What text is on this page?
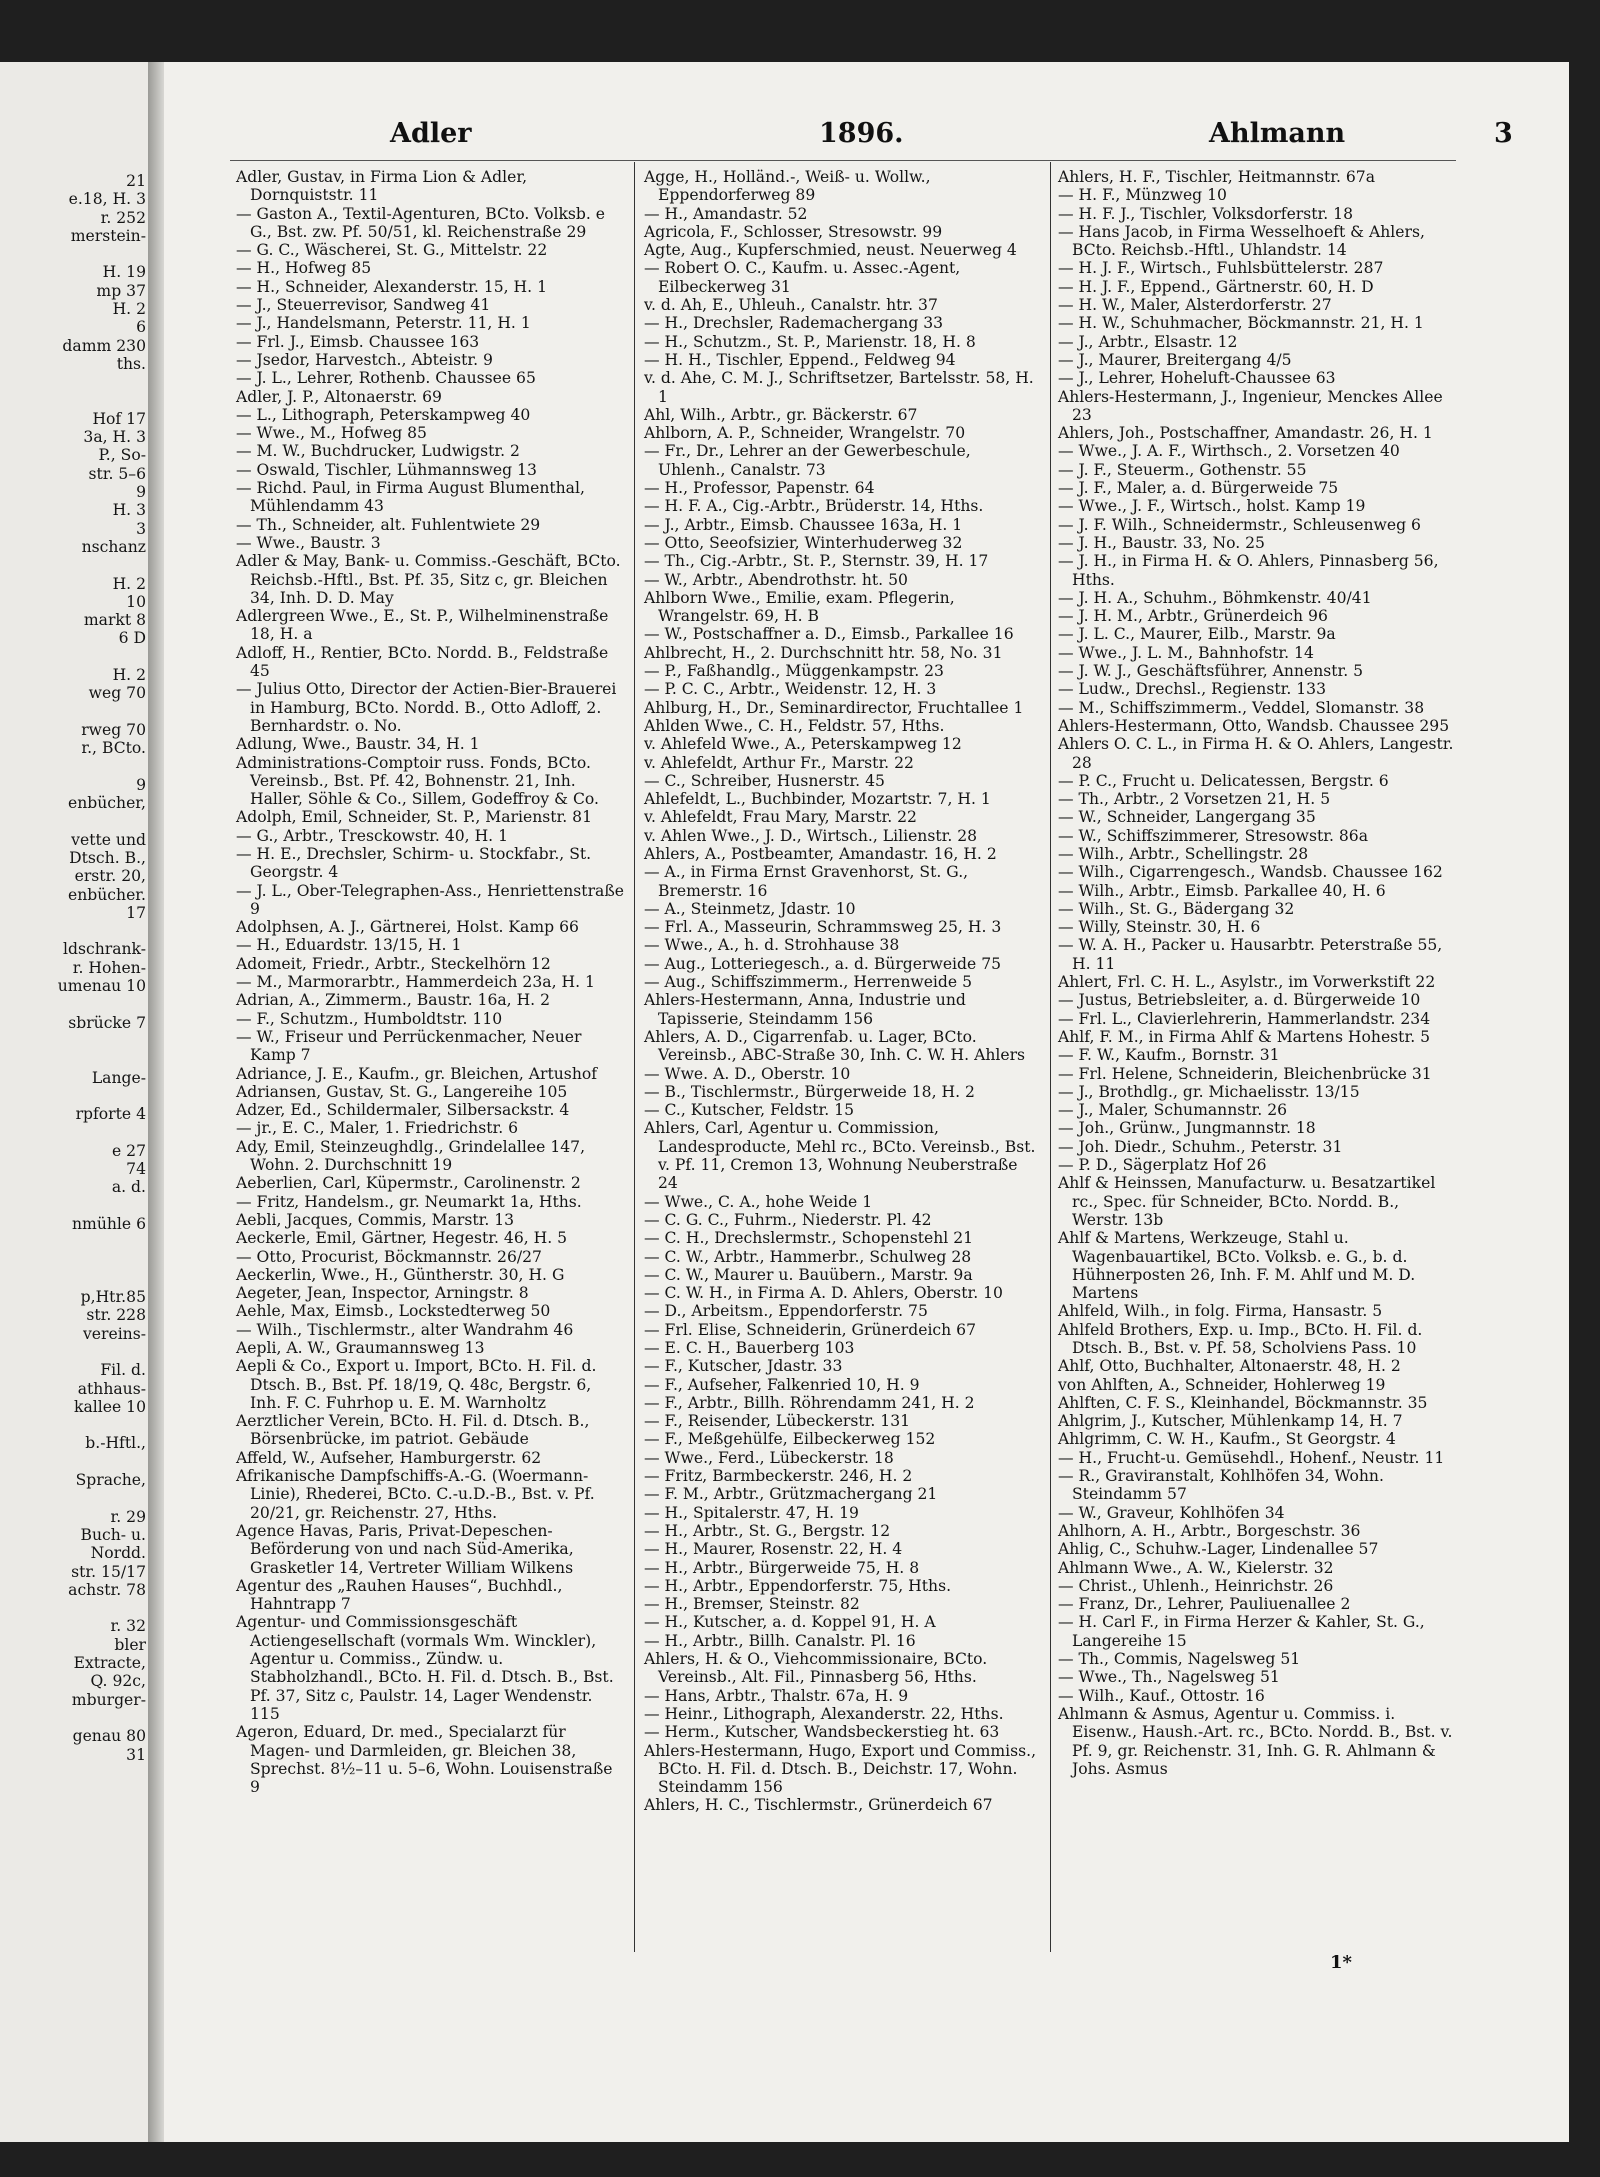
21
e.18, H. 3
r. 252
merstein-

H. 19
mp 37
H. 2
6
damm 230
ths.

Hof 17
3a, H. 3
P., So-
str. 5–6
9
H. 3
3
nschanz

H. 2
10
markt 8
6 D

H. 2
weg 70

rweg 70
r., BCto.

9
enbücher,

vette und
Dtsch. B.,
erstr. 20,
enbücher.
17

ldschrank-
r. Hohen-
umenau 10

sbrücke 7

Lange-

rpforte 4

e 27
74
a. d.

nmühle 6

p,Htr.85
str. 228
vereins-

Fil. d.
athhaus-
kallee 10

b.-Hftl.,

Sprache,

r. 29
Buch- u.
Nordd.
str. 15/17
achstr. 78

r. 32
bler
Extracte,
Q. 92c,
mburger-

genau 80
31
Adler	1896.	Ahlmann	3
Adler, Gustav, in Firma Lion & Adler, Dornquiststr. 11
— Gaston A., Textil-Agenturen, BCto. Volksb. e G., Bst. zw. Pf. 50/51, kl. Reichenstraße 29
— G. C., Wäscherei, St. G., Mittelstr. 22
— H., Hofweg 85
— H., Schneider, Alexanderstr. 15, H. 1
— J., Steuerrevisor, Sandweg 41
— J., Handelsmann, Peterstr. 11, H. 1
— Frl. J., Eimsb. Chaussee 163
— Jsedor, Harvestch., Abteistr. 9
— J. L., Lehrer, Rothenb. Chaussee 65
Adler, J. P., Altonaerstr. 69
— L., Lithograph, Peterskampweg 40
— Wwe., M., Hofweg 85
— M. W., Buchdrucker, Ludwigstr. 2
— Oswald, Tischler, Lühmannsweg 13
— Richd. Paul, in Firma August Blumenthal, Mühlendamm 43
— Th., Schneider, alt. Fuhlentwiete 29
— Wwe., Baustr. 3
Adler & May, Bank- u. Commiss.-Geschäft, BCto. Reichsb.-Hftl., Bst. Pf. 35, Sitz c, gr. Bleichen 34, Inh. D. D. May
Adlergreen Wwe., E., St. P., Wilhelminenstraße 18, H. a
Adloff, H., Rentier, BCto. Nordd. B., Feldstraße 45
— Julius Otto, Director der Actien-Bier-Brauerei in Hamburg, BCto. Nordd. B., Otto Adloff, 2. Bernhardstr. o. No.
Adlung, Wwe., Baustr. 34, H. 1
Administrations-Comptoir russ. Fonds, BCto. Vereinsb., Bst. Pf. 42, Bohnenstr. 21, Inh. Haller, Söhle & Co., Sillem, Godeffroy & Co.
Adolph, Emil, Schneider, St. P., Marienstr. 81
— G., Arbtr., Tresckowstr. 40, H. 1
— H. E., Drechsler, Schirm- u. Stockfabr., St. Georgstr. 4
— J. L., Ober-Telegraphen-Ass., Henriettenstraße 9
Adolphsen, A. J., Gärtnerei, Holst. Kamp 66
— H., Eduardstr. 13/15, H. 1
Adomeit, Friedr., Arbtr., Steckelhörn 12
— M., Marmorarbtr., Hammerdeich 23a, H. 1
Adrian, A., Zimmerm., Baustr. 16a, H. 2
— F., Schutzm., Humboldtstr. 110
— W., Friseur und Perrückenmacher, Neuer Kamp 7
Adriance, J. E., Kaufm., gr. Bleichen, Artushof
Adriansen, Gustav, St. G., Langereihe 105
Adzer, Ed., Schildermaler, Silbersackstr. 4
— jr., E. C., Maler, 1. Friedrichstr. 6
Ady, Emil, Steinzeughdlg., Grindelallee 147, Wohn. 2. Durchschnitt 19
Aeberlien, Carl, Küpermstr., Carolinenstr. 2
— Fritz, Handelsm., gr. Neumarkt 1a, Hths.
Aebli, Jacques, Commis, Marstr. 13
Aeckerle, Emil, Gärtner, Hegestr. 46, H. 5
— Otto, Procurist, Böckmannstr. 26/27
Aeckerlin, Wwe., H., Güntherstr. 30, H. G
Aegeter, Jean, Inspector, Arningstr. 8
Aehle, Max, Eimsb., Lockstedterweg 50
— Wilh., Tischlermstr., alter Wandrahm 46
Aepli, A. W., Graumannsweg 13
Aepli & Co., Export u. Import, BCto. H. Fil. d. Dtsch. B., Bst. Pf. 18/19, Q. 48c, Bergstr. 6, Inh. F. C. Fuhrhop u. E. M. Warnholtz
Aerztlicher Verein, BCto. H. Fil. d. Dtsch. B., Börsenbrücke, im patriot. Gebäude
Affeld, W., Aufseher, Hamburgerstr. 62
Afrikanische Dampfschiffs-A.-G. (Woermann-Linie), Rhederei, BCto. C.-u.D.-B., Bst. v. Pf. 20/21, gr. Reichenstr. 27, Hths.
Agence Havas, Paris, Privat-Depeschen-Beförderung von und nach Süd-Amerika, Grasketler 14, Vertreter William Wilkens
Agentur des „Rauhen Hauses“, Buchhdl., Hahntrapp 7
Agentur- und Commissionsgeschäft Actiengesellschaft (vormals Wm. Winckler), Agentur u. Commiss., Zündw. u. Stabholzhandl., BCto. H. Fil. d. Dtsch. B., Bst. Pf. 37, Sitz c, Paulstr. 14, Lager Wendenstr. 115
Ageron, Eduard, Dr. med., Specialarzt für Magen- und Darmleiden, gr. Bleichen 38, Sprechst. 8½–11 u. 5–6, Wohn. Louisenstraße 9
Agge, H., Holländ.-, Weiß- u. Wollw., Eppendorferweg 89
— H., Amandastr. 52
Agricola, F., Schlosser, Stresowstr. 99
Agte, Aug., Kupferschmied, neust. Neuerweg 4
— Robert O. C., Kaufm. u. Assec.-Agent, Eilbeckerweg 31
v. d. Ah, E., Uhleuh., Canalstr. htr. 37
— H., Drechsler, Rademachergang 33
— H., Schutzm., St. P., Marienstr. 18, H. 8
— H. H., Tischler, Eppend., Feldweg 94
v. d. Ahe, C. M. J., Schriftsetzer, Bartelsstr. 58, H. 1
Ahl, Wilh., Arbtr., gr. Bäckerstr. 67
Ahlborn, A. P., Schneider, Wrangelstr. 70
— Fr., Dr., Lehrer an der Gewerbeschule, Uhlenh., Canalstr. 73
— H., Professor, Papenstr. 64
— H. F. A., Cig.-Arbtr., Brüderstr. 14, Hths.
— J., Arbtr., Eimsb. Chaussee 163a, H. 1
— Otto, Seeofsizier, Winterhuderweg 32
— Th., Cig.-Arbtr., St. P., Sternstr. 39, H. 17
— W., Arbtr., Abendrothstr. ht. 50
Ahlborn Wwe., Emilie, exam. Pflegerin, Wrangelstr. 69, H. B
— W., Postschaffner a. D., Eimsb., Parkallee 16
Ahlbrecht, H., 2. Durchschnitt htr. 58, No. 31
— P., Faßhandlg., Müggenkampstr. 23
— P. C. C., Arbtr., Weidenstr. 12, H. 3
Ahlburg, H., Dr., Seminardirector, Fruchtallee 1
Ahlden Wwe., C. H., Feldstr. 57, Hths.
v. Ahlefeld Wwe., A., Peterskampweg 12
v. Ahlefeldt, Arthur Fr., Marstr. 22
— C., Schreiber, Husnerstr. 45
Ahlefeldt, L., Buchbinder, Mozartstr. 7, H. 1
v. Ahlefeldt, Frau Mary, Marstr. 22
v. Ahlen Wwe., J. D., Wirtsch., Lilienstr. 28
Ahlers, A., Postbeamter, Amandastr. 16, H. 2
— A., in Firma Ernst Gravenhorst, St. G., Bremerstr. 16
— A., Steinmetz, Jdastr. 10
— Frl. A., Masseurin, Schrammsweg 25, H. 3
— Wwe., A., h. d. Strohhause 38
— Aug., Lotteriegesch., a. d. Bürgerweide 75
— Aug., Schiffszimmerm., Herrenweide 5
Ahlers-Hestermann, Anna, Industrie und Tapisserie, Steindamm 156
Ahlers, A. D., Cigarrenfab. u. Lager, BCto. Vereinsb., ABC-Straße 30, Inh. C. W. H. Ahlers
— Wwe. A. D., Oberstr. 10
— B., Tischlermstr., Bürgerweide 18, H. 2
— C., Kutscher, Feldstr. 15
Ahlers, Carl, Agentur u. Commission, Landesproducte, Mehl rc., BCto. Vereinsb., Bst. v. Pf. 11, Cremon 13, Wohnung Neuberstraße 24
— Wwe., C. A., hohe Weide 1
— C. G. C., Fuhrm., Niederstr. Pl. 42
— C. H., Drechslermstr., Schopenstehl 21
— C. W., Arbtr., Hammerbr., Schulweg 28
— C. W., Maurer u. Bauübern., Marstr. 9a
— C. W. H., in Firma A. D. Ahlers, Oberstr. 10
— D., Arbeitsm., Eppendorferstr. 75
— Frl. Elise, Schneiderin, Grünerdeich 67
— E. C. H., Bauerberg 103
— F., Kutscher, Jdastr. 33
— F., Aufseher, Falkenried 10, H. 9
— F., Arbtr., Billh. Röhrendamm 241, H. 2
— F., Reisender, Lübeckerstr. 131
— F., Meßgehülfe, Eilbeckerweg 152
— Wwe., Ferd., Lübeckerstr. 18
— Fritz, Barmbeckerstr. 246, H. 2
— F. M., Arbtr., Grützmachergang 21
— H., Spitalerstr. 47, H. 19
— H., Arbtr., St. G., Bergstr. 12
— H., Maurer, Rosenstr. 22, H. 4
— H., Arbtr., Bürgerweide 75, H. 8
— H., Arbtr., Eppendorferstr. 75, Hths.
— H., Bremser, Steinstr. 82
— H., Kutscher, a. d. Koppel 91, H. A
— H., Arbtr., Billh. Canalstr. Pl. 16
Ahlers, H. & O., Viehcommissionaire, BCto. Vereinsb., Alt. Fil., Pinnasberg 56, Hths.
— Hans, Arbtr., Thalstr. 67a, H. 9
— Heinr., Lithograph, Alexanderstr. 22, Hths.
— Herm., Kutscher, Wandsbeckerstieg ht. 63
Ahlers-Hestermann, Hugo, Export und Commiss., BCto. H. Fil. d. Dtsch. B., Deichstr. 17, Wohn. Steindamm 156
Ahlers, H. C., Tischlermstr., Grünerdeich 67
Ahlers, H. F., Tischler, Heitmannstr. 67a
— H. F., Münzweg 10
— H. F. J., Tischler, Volksdorferstr. 18
— Hans Jacob, in Firma Wesselhoeft & Ahlers, BCto. Reichsb.-Hftl., Uhlandstr. 14
— H. J. F., Wirtsch., Fuhlsbüttelerstr. 287
— H. J. F., Eppend., Gärtnerstr. 60, H. D
— H. W., Maler, Alsterdorferstr. 27
— H. W., Schuhmacher, Böckmannstr. 21, H. 1
— J., Arbtr., Elsastr. 12
— J., Maurer, Breitergang 4/5
— J., Lehrer, Hoheluft-Chaussee 63
Ahlers-Hestermann, J., Ingenieur, Menckes Allee 23
Ahlers, Joh., Postschaffner, Amandastr. 26, H. 1
— Wwe., J. A. F., Wirthsch., 2. Vorsetzen 40
— J. F., Steuerm., Gothenstr. 55
— J. F., Maler, a. d. Bürgerweide 75
— Wwe., J. F., Wirtsch., holst. Kamp 19
— J. F. Wilh., Schneidermstr., Schleusenweg 6
— J. H., Baustr. 33, No. 25
— J. H., in Firma H. & O. Ahlers, Pinnasberg 56, Hths.
— J. H. A., Schuhm., Böhmkenstr. 40/41
— J. H. M., Arbtr., Grünerdeich 96
— J. L. C., Maurer, Eilb., Marstr. 9a
— Wwe., J. L. M., Bahnhofstr. 14
— J. W. J., Geschäftsführer, Annenstr. 5
— Ludw., Drechsl., Regienstr. 133
— M., Schiffszimmerm., Veddel, Slomanstr. 38
Ahlers-Hestermann, Otto, Wandsb. Chaussee 295
Ahlers O. C. L., in Firma H. & O. Ahlers, Langestr. 28
— P. C., Frucht u. Delicatessen, Bergstr. 6
— Th., Arbtr., 2 Vorsetzen 21, H. 5
— W., Schneider, Langergang 35
— W., Schiffszimmerer, Stresowstr. 86a
— Wilh., Arbtr., Schellingstr. 28
— Wilh., Cigarrengesch., Wandsb. Chaussee 162
— Wilh., Arbtr., Eimsb. Parkallee 40, H. 6
— Wilh., St. G., Bädergang 32
— Willy, Steinstr. 30, H. 6
— W. A. H., Packer u. Hausarbtr. Peterstraße 55, H. 11
Ahlert, Frl. C. H. L., Asylstr., im Vorwerkstift 22
— Justus, Betriebsleiter, a. d. Bürgerweide 10
— Frl. L., Clavierlehrerin, Hammerlandstr. 234
Ahlf, F. M., in Firma Ahlf & Martens Hohestr. 5
— F. W., Kaufm., Bornstr. 31
— Frl. Helene, Schneiderin, Bleichenbrücke 31
— J., Brothdlg., gr. Michaelisstr. 13/15
— J., Maler, Schumannstr. 26
— Joh., Grünw., Jungmannstr. 18
— Joh. Diedr., Schuhm., Peterstr. 31
— P. D., Sägerplatz Hof 26
Ahlf & Heinssen, Manufacturw. u. Besatzartikel rc., Spec. für Schneider, BCto. Nordd. B., Werstr. 13b
Ahlf & Martens, Werkzeuge, Stahl u. Wagenbauartikel, BCto. Volksb. e. G., b. d. Hühnerposten 26, Inh. F. M. Ahlf und M. D. Martens
Ahlfeld, Wilh., in folg. Firma, Hansastr. 5
Ahlfeld Brothers, Exp. u. Imp., BCto. H. Fil. d. Dtsch. B., Bst. v. Pf. 58, Scholviens Pass. 10
Ahlf, Otto, Buchhalter, Altonaerstr. 48, H. 2
von Ahlften, A., Schneider, Hohlerweg 19
Ahlften, C. F. S., Kleinhandel, Böckmannstr. 35
Ahlgrim, J., Kutscher, Mühlenkamp 14, H. 7
Ahlgrimm, C. W. H., Kaufm., St Georgstr. 4
— H., Frucht-u. Gemüsehdl., Hohenf., Neustr. 11
— R., Graviranstalt, Kohlhöfen 34, Wohn. Steindamm 57
— W., Graveur, Kohlhöfen 34
Ahlhorn, A. H., Arbtr., Borgeschstr. 36
Ahlig, C., Schuhw.-Lager, Lindenallee 57
Ahlmann Wwe., A. W., Kielerstr. 32
— Christ., Uhlenh., Heinrichstr. 26
— Franz, Dr., Lehrer, Pauliuenallee 2
— H. Carl F., in Firma Herzer & Kahler, St. G., Langereihe 15
— Th., Commis, Nagelsweg 51
— Wwe., Th., Nagelsweg 51
— Wilh., Kauf., Ottostr. 16
Ahlmann & Asmus, Agentur u. Commiss. i. Eisenw., Haush.-Art. rc., BCto. Nordd. B., Bst. v. Pf. 9, gr. Reichenstr. 31, Inh. G. R. Ahlmann & Johs. Asmus
1*
